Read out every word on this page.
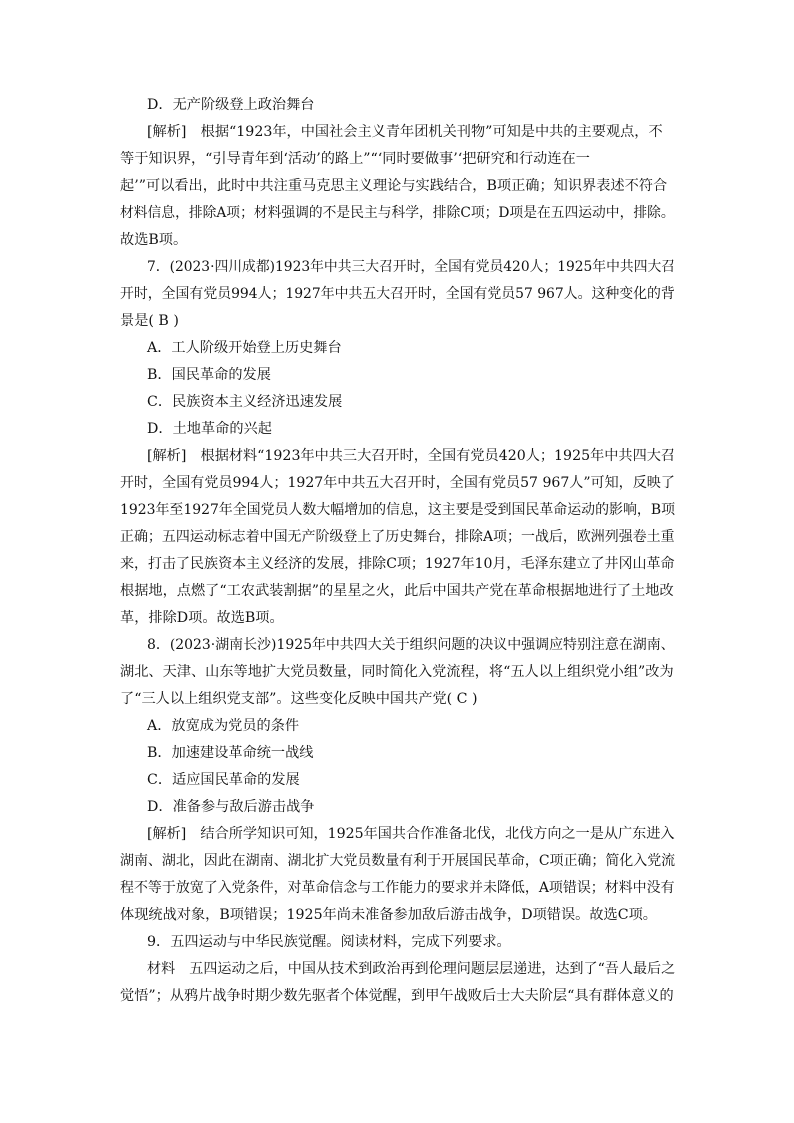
D．无产阶级登上政治舞台
[解析]　根据“1923年，中国社会主义青年团机关刊物”可知是中共的主要观点，不
等于知识界，“引导青年到‘活动’的路上”“‘同时要做事’‘把研究和行动连在一
起’”可以看出，此时中共注重马克思主义理论与实践结合，B项正确；知识界表述不符合
材料信息，排除A项；材料强调的不是民主与科学，排除C项；D项是在五四运动中，排除。
故选B项。
7．(2023·四川成都)1923年中共三大召开时，全国有党员420人；1925年中共四大召
开时，全国有党员994人；1927年中共五大召开时，全国有党员57 967人。这种变化的背
景是( B )
A．工人阶级开始登上历史舞台
B．国民革命的发展
C．民族资本主义经济迅速发展
D．土地革命的兴起
[解析]　根据材料“1923年中共三大召开时，全国有党员420人；1925年中共四大召
开时，全国有党员994人；1927年中共五大召开时，全国有党员57 967人”可知，反映了
1923年至1927年全国党员人数大幅增加的信息，这主要是受到国民革命运动的影响，B项
正确；五四运动标志着中国无产阶级登上了历史舞台，排除A项；一战后，欧洲列强卷土重
来，打击了民族资本主义经济的发展，排除C项；1927年10月，毛泽东建立了井冈山革命
根据地，点燃了“工农武装割据”的星星之火，此后中国共产党在革命根据地进行了土地改
革，排除D项。故选B项。
8．(2023·湖南长沙)1925年中共四大关于组织问题的决议中强调应特别注意在湖南、
湖北、天津、山东等地扩大党员数量，同时简化入党流程，将“五人以上组织党小组”改为
了“三人以上组织党支部”。这些变化反映中国共产党( C )
A．放宽成为党员的条件
B．加速建设革命统一战线
C．适应国民革命的发展
D．准备参与敌后游击战争
[解析]　结合所学知识可知，1925年国共合作准备北伐，北伐方向之一是从广东进入
湖南、湖北，因此在湖南、湖北扩大党员数量有利于开展国民革命，C项正确；简化入党流
程不等于放宽了入党条件，对革命信念与工作能力的要求并未降低，A项错误；材料中没有
体现统战对象，B项错误；1925年尚未准备参加敌后游击战争，D项错误。故选C项。
9．五四运动与中华民族觉醒。阅读材料，完成下列要求。
材料　五四运动之后，中国从技术到政治再到伦理问题层层递进，达到了“吾人最后之
觉悟”；从鸦片战争时期少数先驱者个体觉醒，到甲午战败后士大夫阶层“具有群体意义的
